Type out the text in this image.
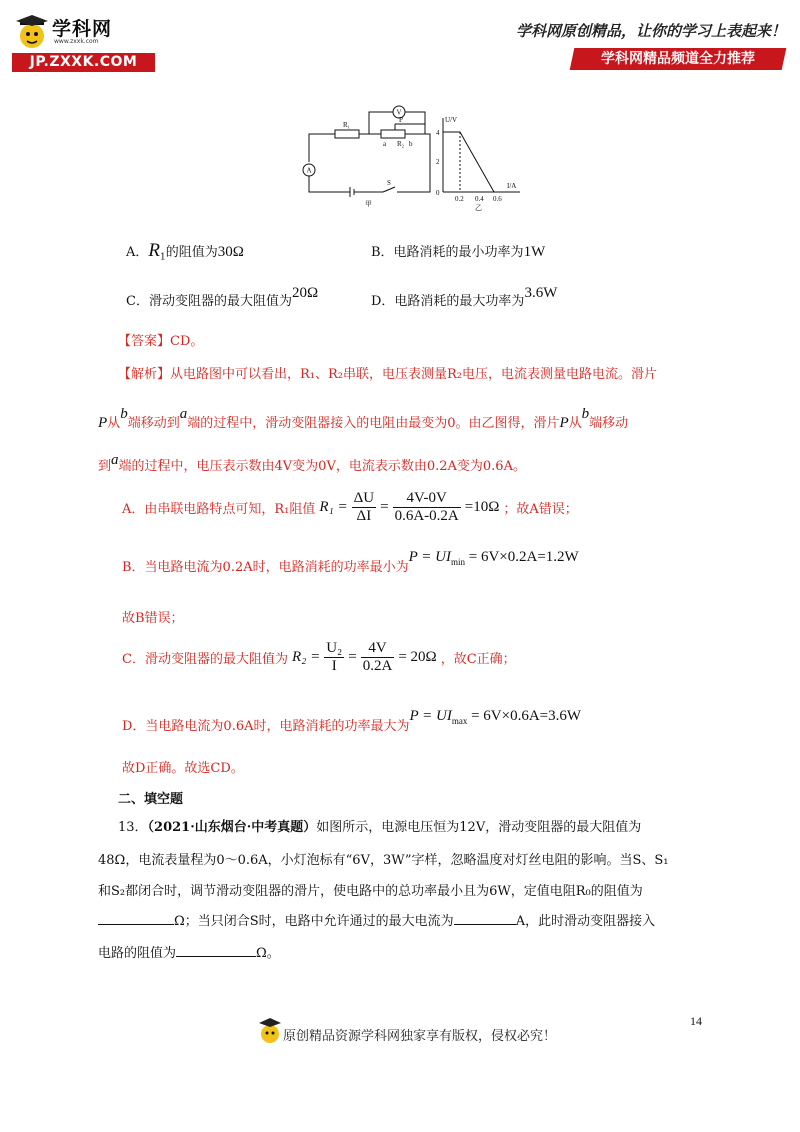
学科网
www.zxxk.com
JP.ZXXK.COM
学科网原创精品，让你的学习上表起来！
学科网精品频道全力推荐
V
A
R₁
R₂
P
a	b
S
甲
U/V
I/A
4
2
0
0.2 0.4 0.6
乙
A．$R_1$的阻值为30Ω	B．电路消耗的最小功率为1W
C．滑动变阻器的最大阻值为20Ω
D．电路消耗的最大功率为3.6W
【答案】CD。
【解析】从电路图中可以看出，R₁、R₂串联，电压表测量R₂电压，电流表测量电路电流。滑片
P从b端移动到a端的过程中，滑动变阻器接入的电阻由最变为0。由乙图得，滑片P从b端移动
到a端的过程中，电压表示数由4V变为0V，电流表示数由0.2A变为0.6A。
A．由串联电路特点可知，R₁阻值 $R_1 = \frac{\Delta U}{\Delta I} = \frac{4V-0V}{0.6A-0.2A} =10\Omega$ ；故A错误；
B．当电路电流为0.2A时，电路消耗的功率最小为$P = UI_{min} = 6V\times 0.2A=1.2W$
故B错误；
C．滑动变阻器的最大阻值为 $R_2 = \frac{\text{U₂}}{I} = \frac{4V}{0.2A} = 20\Omega$ ，故C正确；
D．当电路电流为0.6A时，电路消耗的功率最大为$P = UI_{max} = 6V\times 0.6A=3.6W$
故D正确。故选CD。
二、填空题
13．（2021·山东烟台·中考真题）如图所示，电源电压恒为12V，滑动变阻器的最大阻值为
48Ω，电流表量程为0～0.6A，小灯泡标有“6V，3W”字样，忽略温度对灯丝电阻的影响。当S、S₁
和S₂都闭合时，调节滑动变阻器的滑片，使电路中的总功率最小且为6W，定值电阻R₀的阻值为
Ω；当只闭合S时，电路中允许通过的最大电流为	A，此时滑动变阻器接入
电路的阻值为	Ω。
14
原创精品资源学科网独家享有版权，侵权必究！
